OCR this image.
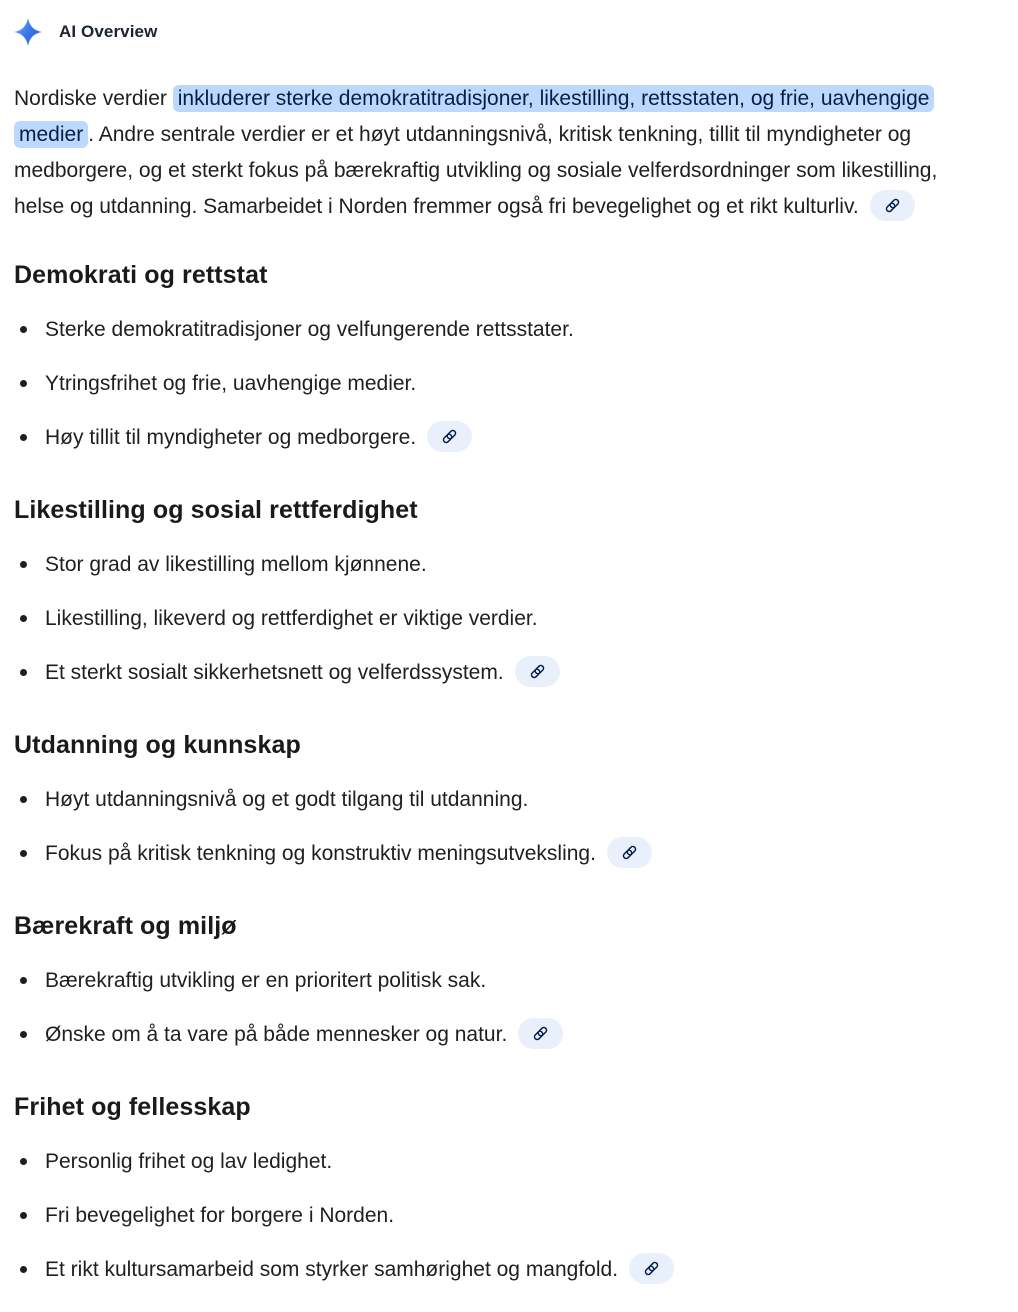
AI Overview

Nordiske verdier inkluderer sterke demokratitradisjoner, likestilling, rettsstaten, og frie, uavhengige medier . Andre sentrale verdier er et høyt utdanningsnivå, kritisk tenkning, tillit til myndigheter og medborgere, og et sterkt fokus på bærekraftig utvikling og sosiale velferdsordninger som likestilling, helse og utdanning. Samarbeidet i Norden fremmer også fri bevegelighet og et rikt kulturliv.

Demokrati og rettstat
Sterke demokratitradisjoner og velfungerende rettsstater.
Ytringsfrihet og frie, uavhengige medier.
Høy tillit til myndigheter og medborgere.
Likestilling og sosial rettferdighet
Stor grad av likestilling mellom kjønnene.
Likestilling, likeverd og rettferdighet er viktige verdier.
Et sterkt sosialt sikkerhetsnett og velferdssystem.
Utdanning og kunnskap
Høyt utdanningsnivå og et godt tilgang til utdanning.
Fokus på kritisk tenkning og konstruktiv meningsutveksling.
Bærekraft og miljø
Bærekraftig utvikling er en prioritert politisk sak.
Ønske om å ta vare på både mennesker og natur.
Frihet og fellesskap
Personlig frihet og lav ledighet.
Fri bevegelighet for borgere i Norden.
Et rikt kultursamarbeid som styrker samhørighet og mangfold.
